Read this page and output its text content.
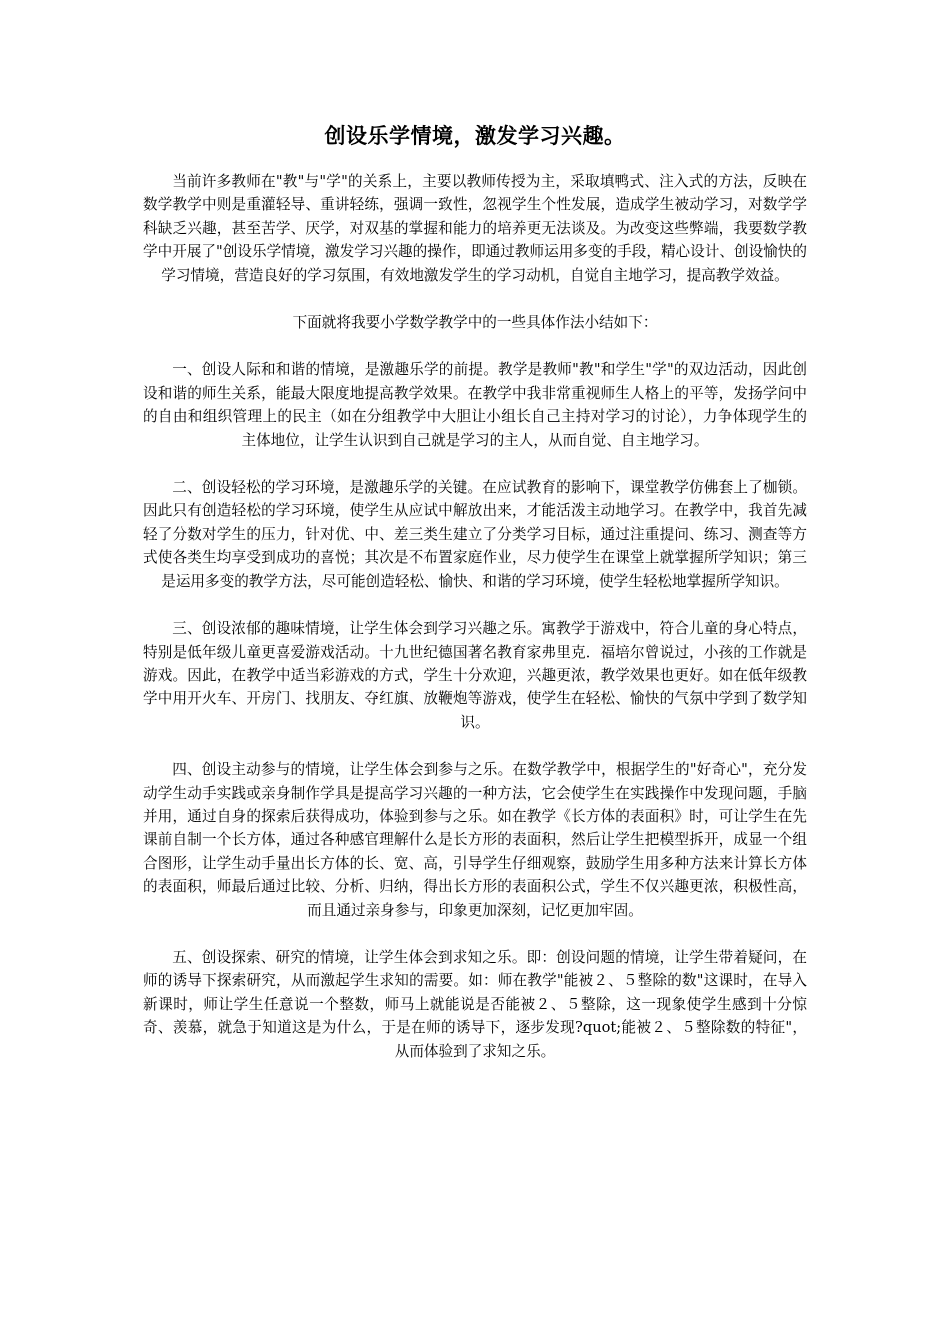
创设乐学情境，激发学习兴趣。

当前许多教师在"教"与"学"的关系上，主要以教师传授为主，采取填鸭式、注入式的方法，反映在数学教学中则是重灌轻导、重讲轻练，强调一致性，忽视学生个性发展，造成学生被动学习，对数学学科缺乏兴趣，甚至苦学、厌学，对双基的掌握和能力的培养更无法谈及。为改变这些弊端，我要数学教学中开展了"创设乐学情境，激发学习兴趣的操作，即通过教师运用多变的手段，精心设计、创设愉快的学习情境，营造良好的学习氛围，有效地激发学生的学习动机，自觉自主地学习，提高教学效益。

下面就将我要小学数学教学中的一些具体作法小结如下：

一、创设人际和和谐的情境，是激趣乐学的前提。教学是教师"教"和学生"学"的双边活动，因此创设和谐的师生关系，能最大限度地提高教学效果。在教学中我非常重视师生人格上的平等，发扬学问中的自由和组织管理上的民主（如在分组教学中大胆让小组长自己主持对学习的讨论），力争体现学生的主体地位，让学生认识到自己就是学习的主人，从而自觉、自主地学习。

二、创设轻松的学习环境，是激趣乐学的关键。在应试教育的影响下，课堂教学仿佛套上了枷锁。因此只有创造轻松的学习环境，使学生从应试中解放出来，才能活泼主动地学习。在教学中，我首先减轻了分数对学生的压力，针对优、中、差三类生建立了分类学习目标，通过注重提问、练习、测查等方式使各类生均享受到成功的喜悦；其次是不布置家庭作业，尽力使学生在课堂上就掌握所学知识；第三是运用多变的教学方法，尽可能创造轻松、愉快、和谐的学习环境，使学生轻松地掌握所学知识。

三、创设浓郁的趣味情境，让学生体会到学习兴趣之乐。寓教学于游戏中，符合儿童的身心特点，特别是低年级儿童更喜爱游戏活动。十九世纪德国著名教育家弗里克．福培尔曾说过，小孩的工作就是游戏。因此，在教学中适当彩游戏的方式，学生十分欢迎，兴趣更浓，教学效果也更好。如在低年级教学中用开火车、开房门、找朋友、夺红旗、放鞭炮等游戏，使学生在轻松、愉快的气氛中学到了数学知识。

四、创设主动参与的情境，让学生体会到参与之乐。在数学教学中，根据学生的"好奇心"，充分发动学生动手实践或亲身制作学具是提高学习兴趣的一种方法，它会使学生在实践操作中发现问题，手脑并用，通过自身的探索后获得成功，体验到参与之乐。如在教学《长方体的表面积》时，可让学生在先课前自制一个长方体，通过各种感官理解什么是长方形的表面积，然后让学生把模型拆开，成显一个组合图形，让学生动手量出长方体的长、宽、高，引导学生仔细观察，鼓励学生用多种方法来计算长方体的表面积，师最后通过比较、分析、归纳，得出长方形的表面积公式，学生不仅兴趣更浓，积极性高，而且通过亲身参与，印象更加深刻，记忆更加牢固。

五、创设探索、研究的情境，让学生体会到求知之乐。即：创设问题的情境，让学生带着疑问，在师的诱导下探索研究，从而激起学生求知的需要。如：师在教学"能被２、５整除的数"这课时，在导入新课时，师让学生任意说一个整数，师马上就能说是否能被２、５整除，这一现象使学生感到十分惊奇、羡慕，就急于知道这是为什么，于是在师的诱导下，逐步发现?quot;能被２、５整除数的特征"，从而体验到了求知之乐。
